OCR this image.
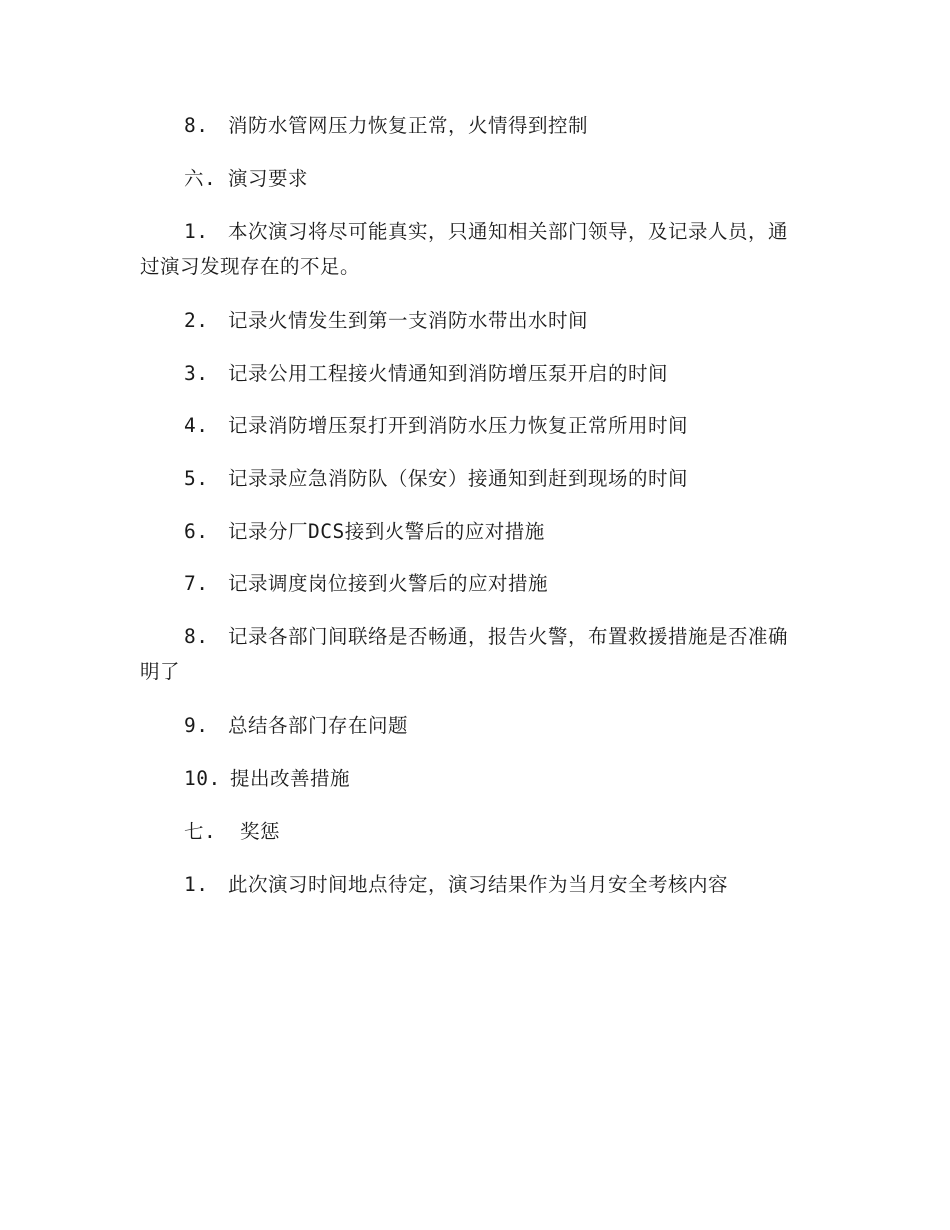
8. 消防水管网压力恢复正常，火情得到控制

六. 演习要求

1. 本次演习将尽可能真实，只通知相关部门领导，及记录人员，通过演习发现存在的不足。

2. 记录火情发生到第一支消防水带出水时间

3. 记录公用工程接火情通知到消防增压泵开启的时间

4. 记录消防增压泵打开到消防水压力恢复正常所用时间

5. 记录录应急消防队（保安）接通知到赶到现场的时间

6. 记录分厂DCS接到火警后的应对措施

7. 记录调度岗位接到火警后的应对措施

8. 记录各部门间联络是否畅通，报告火警，布置救援措施是否准确明了

9. 总结各部门存在问题

10. 提出改善措施

七. 奖惩

1. 此次演习时间地点待定，演习结果作为当月安全考核内容
